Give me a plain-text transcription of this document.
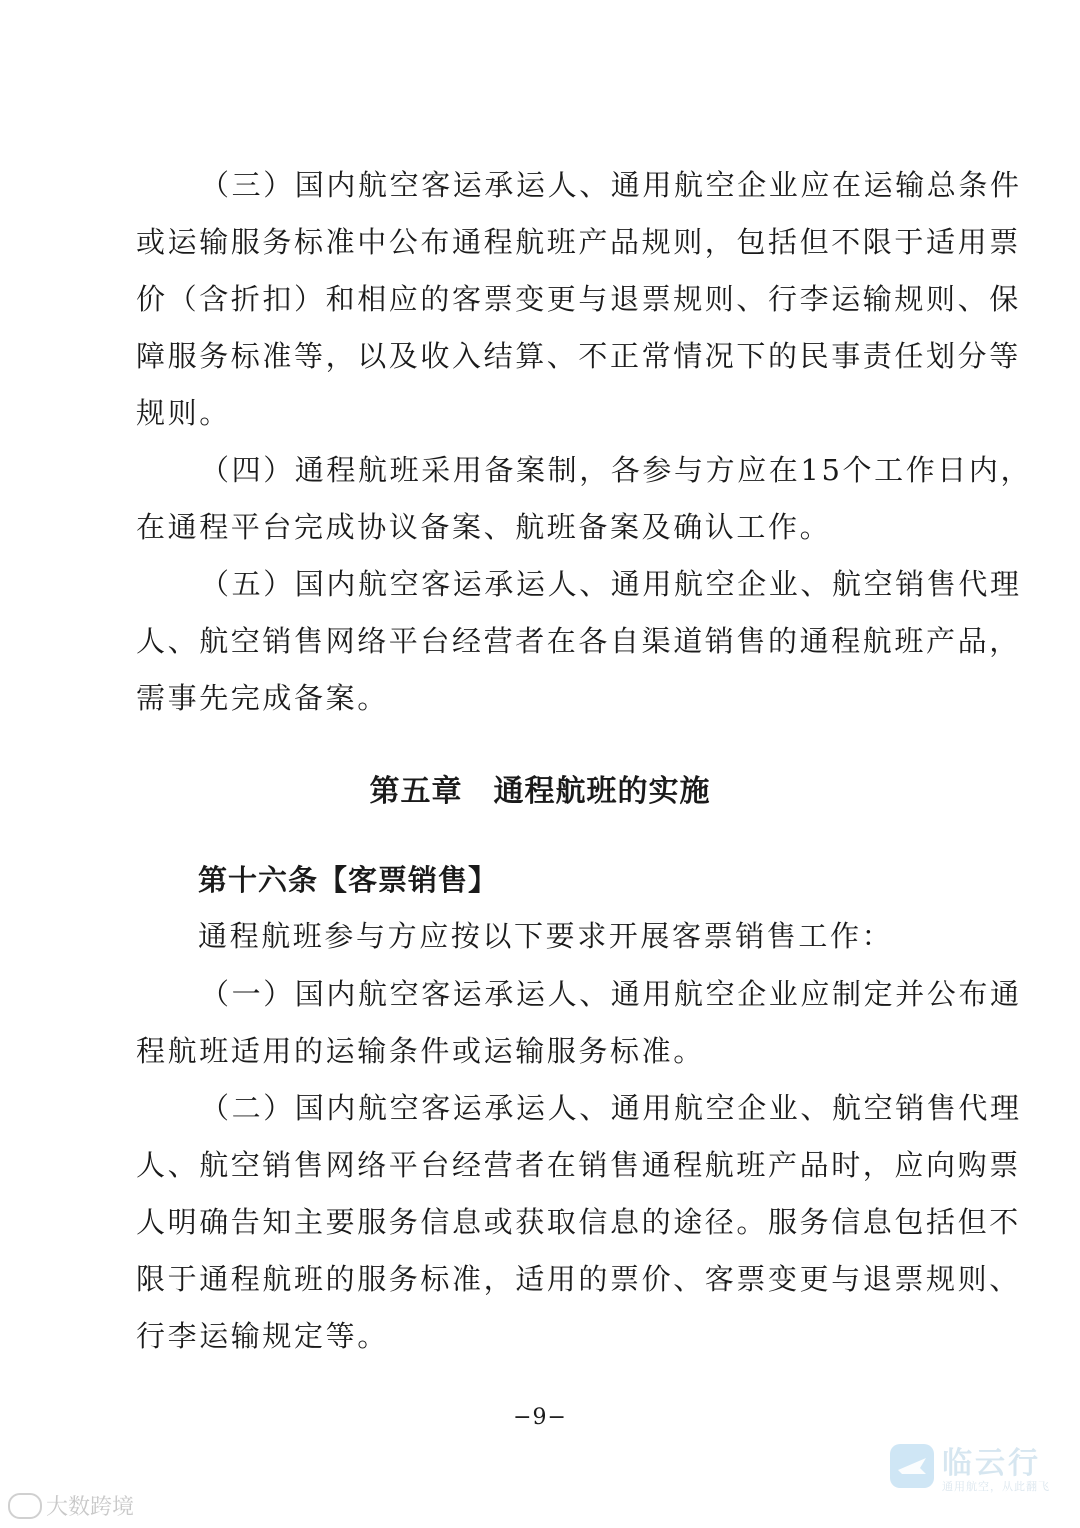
（三）国内航空客运承运人、通用航空企业应在运输总条件
或运输服务标准中公布通程航班产品规则，包括但不限于适用票
价（含折扣）和相应的客票变更与退票规则、行李运输规则、保
障服务标准等，以及收入结算、不正常情况下的民事责任划分等
规则。
（四）通程航班采用备案制，各参与方应在15个工作日内，
在通程平台完成协议备案、航班备案及确认工作。
（五）国内航空客运承运人、通用航空企业、航空销售代理
人、航空销售网络平台经营者在各自渠道销售的通程航班产品，
需事先完成备案。
第五章　通程航班的实施
第十六条【客票销售】
通程航班参与方应按以下要求开展客票销售工作：
（一）国内航空客运承运人、通用航空企业应制定并公布通
程航班适用的运输条件或运输服务标准。
（二）国内航空客运承运人、通用航空企业、航空销售代理
人、航空销售网络平台经营者在销售通程航班产品时，应向购票
人明确告知主要服务信息或获取信息的途径。服务信息包括但不
限于通程航班的服务标准，适用的票价、客票变更与退票规则、
行李运输规定等。
−9−
大数跨境
临云行
通用航空，从此翻飞
